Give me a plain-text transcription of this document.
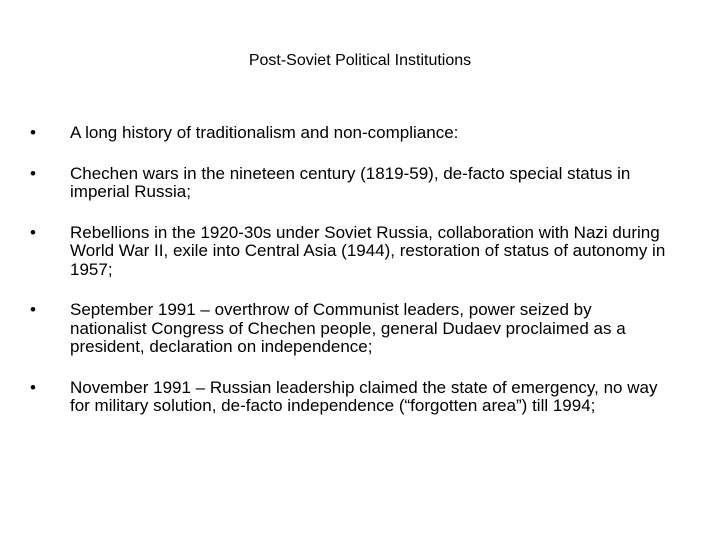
Post-Soviet Political Institutions
•	A long history of traditionalism and non-compliance:
•	Chechen wars in the nineteen century (1819-59), de-facto special status in imperial Russia;
•	Rebellions in the 1920-30s under Soviet Russia, collaboration with Nazi during World War II, exile into Central Asia (1944), restoration of status of autonomy in 1957;
•	September 1991 – overthrow of Communist leaders, power seized by nationalist Congress of Chechen people, general Dudaev proclaimed as a president, declaration on independence;
•	November 1991 – Russian leadership claimed the state of emergency, no way for military solution, de-facto independence (“forgotten area”) till 1994;
